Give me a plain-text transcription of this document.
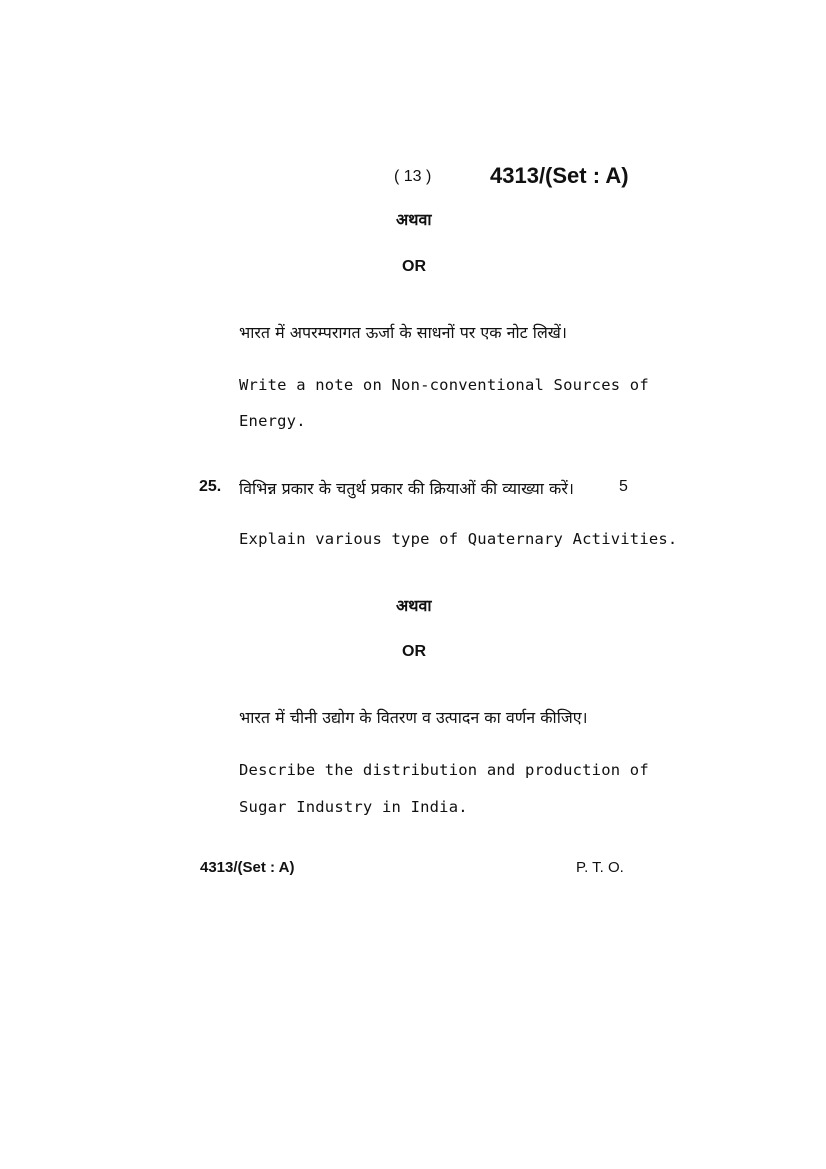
( 13 )	4313/(Set : A)
अथवा
OR
भारत में अपरम्परागत ऊर्जा के साधनों पर एक नोट लिखें।
Write a note on Non-conventional Sources of
Energy.
25. विभिन्न प्रकार के चतुर्थ प्रकार की क्रियाओं की व्याख्या करें।	5
Explain various type of Quaternary Activities.
अथवा
OR
भारत में चीनी उद्योग के वितरण व उत्पादन का वर्णन कीजिए।
Describe the distribution and production of
Sugar Industry in India.
4313/(Set : A)	P. T. O.
